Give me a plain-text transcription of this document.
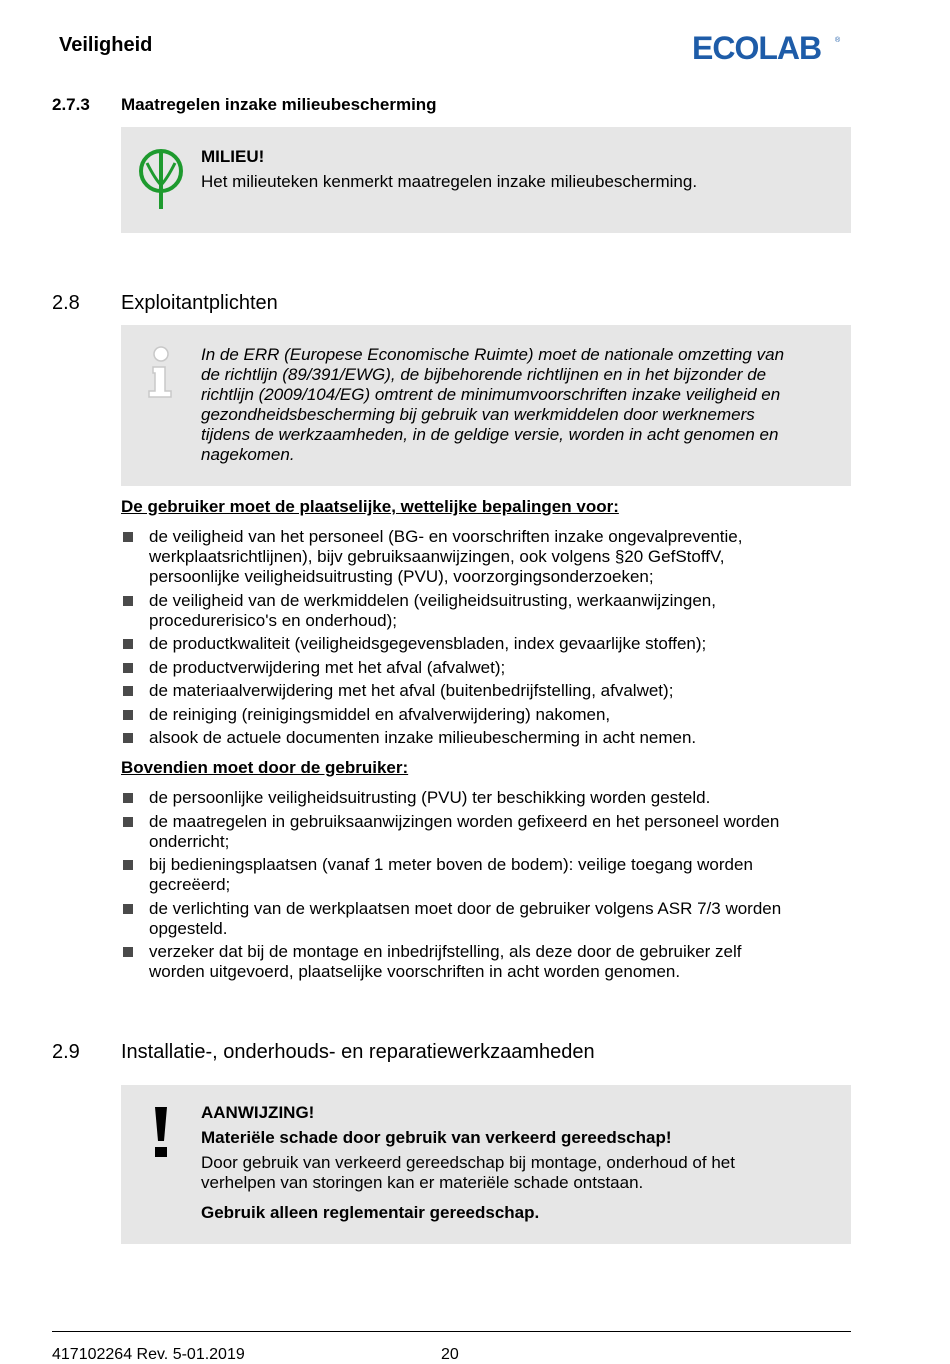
Veiligheid	ECOLAB ®
2.7.3 Maatregelen inzake milieubescherming
MILIEU!
Het milieuteken kenmerkt maatregelen inzake milieubescherming.
2.8 Exploitantplichten
In de ERR (Europese Economische Ruimte) moet de nationale omzetting van
de richtlijn (89/391/EWG), de bijbehorende richtlijnen en in het bijzonder de
richtlijn (2009/104/EG) omtrent de minimumvoorschriften inzake veiligheid en
gezondheidsbescherming bij gebruik van werkmiddelen door werknemers
tijdens de werkzaamheden, in de geldige versie, worden in acht genomen en
nagekomen.
De gebruiker moet de plaatselijke, wettelijke bepalingen voor:
de veiligheid van het personeel (BG- en voorschriften inzake ongevalpreventie,
werkplaatsrichtlijnen), bijv gebruiksaanwijzingen, ook volgens §20 GefStoffV,
persoonlijke veiligheidsuitrusting (PVU), voorzorgingsonderzoeken;
de veiligheid van de werkmiddelen (veiligheidsuitrusting, werkaanwijzingen,
procedurerisico's en onderhoud);
de productkwaliteit (veiligheidsgegevensbladen, index gevaarlijke stoffen);
de productverwijdering met het afval (afvalwet);
de materiaalverwijdering met het afval (buitenbedrijfstelling, afvalwet);
de reiniging (reinigingsmiddel en afvalverwijdering) nakomen,
alsook de actuele documenten inzake milieubescherming in acht nemen.
Bovendien moet door de gebruiker:
de persoonlijke veiligheidsuitrusting (PVU) ter beschikking worden gesteld.
de maatregelen in gebruiksaanwijzingen worden gefixeerd en het personeel worden
onderricht;
bij bedieningsplaatsen (vanaf 1 meter boven de bodem): veilige toegang worden
gecreëerd;
de verlichting van de werkplaatsen moet door de gebruiker volgens ASR 7/3 worden
opgesteld.
verzeker dat bij de montage en inbedrijfstelling, als deze door de gebruiker zelf
worden uitgevoerd, plaatselijke voorschriften in acht worden genomen.
2.9 Installatie-, onderhouds- en reparatiewerkzaamheden
AANWIJZING!
Materiële schade door gebruik van verkeerd gereedschap!
Door gebruik van verkeerd gereedschap bij montage, onderhoud of het
verhelpen van storingen kan er materiële schade ontstaan.
Gebruik alleen reglementair gereedschap.
417102264 Rev. 5-01.2019	20
